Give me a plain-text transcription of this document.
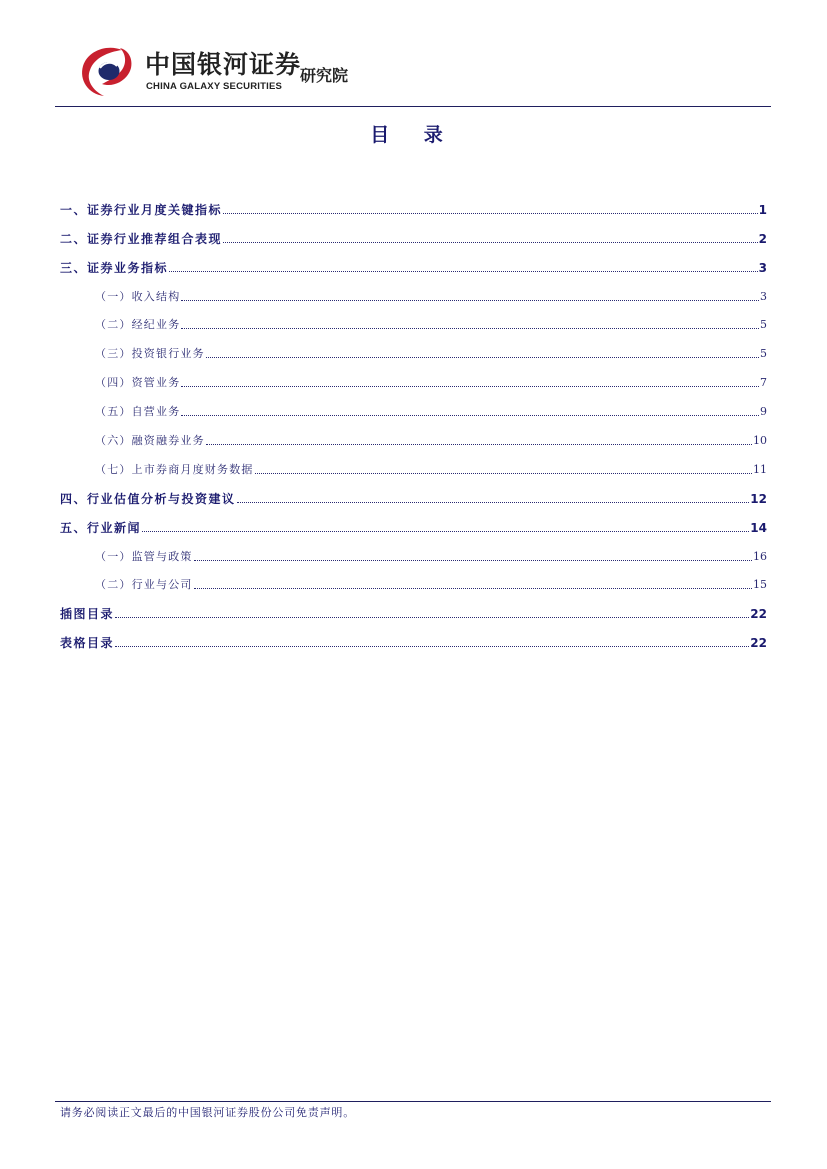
中国银河证券
CHINA GALAXY SECURITIES
研究院
目 录
一、证券行业月度关键指标	1
二、证券行业推荐组合表现	2
三、证券业务指标	3
（一）收入结构	3
（二）经纪业务	5
（三）投资银行业务	5
（四）资管业务	7
（五）自营业务	9
（六）融资融券业务	10
（七）上市券商月度财务数据	11
四、行业估值分析与投资建议	12
五、行业新闻	14
（一）监管与政策	16
（二）行业与公司	15
插图目录	22
表格目录	22
请务必阅读正文最后的中国银河证券股份公司免责声明。
